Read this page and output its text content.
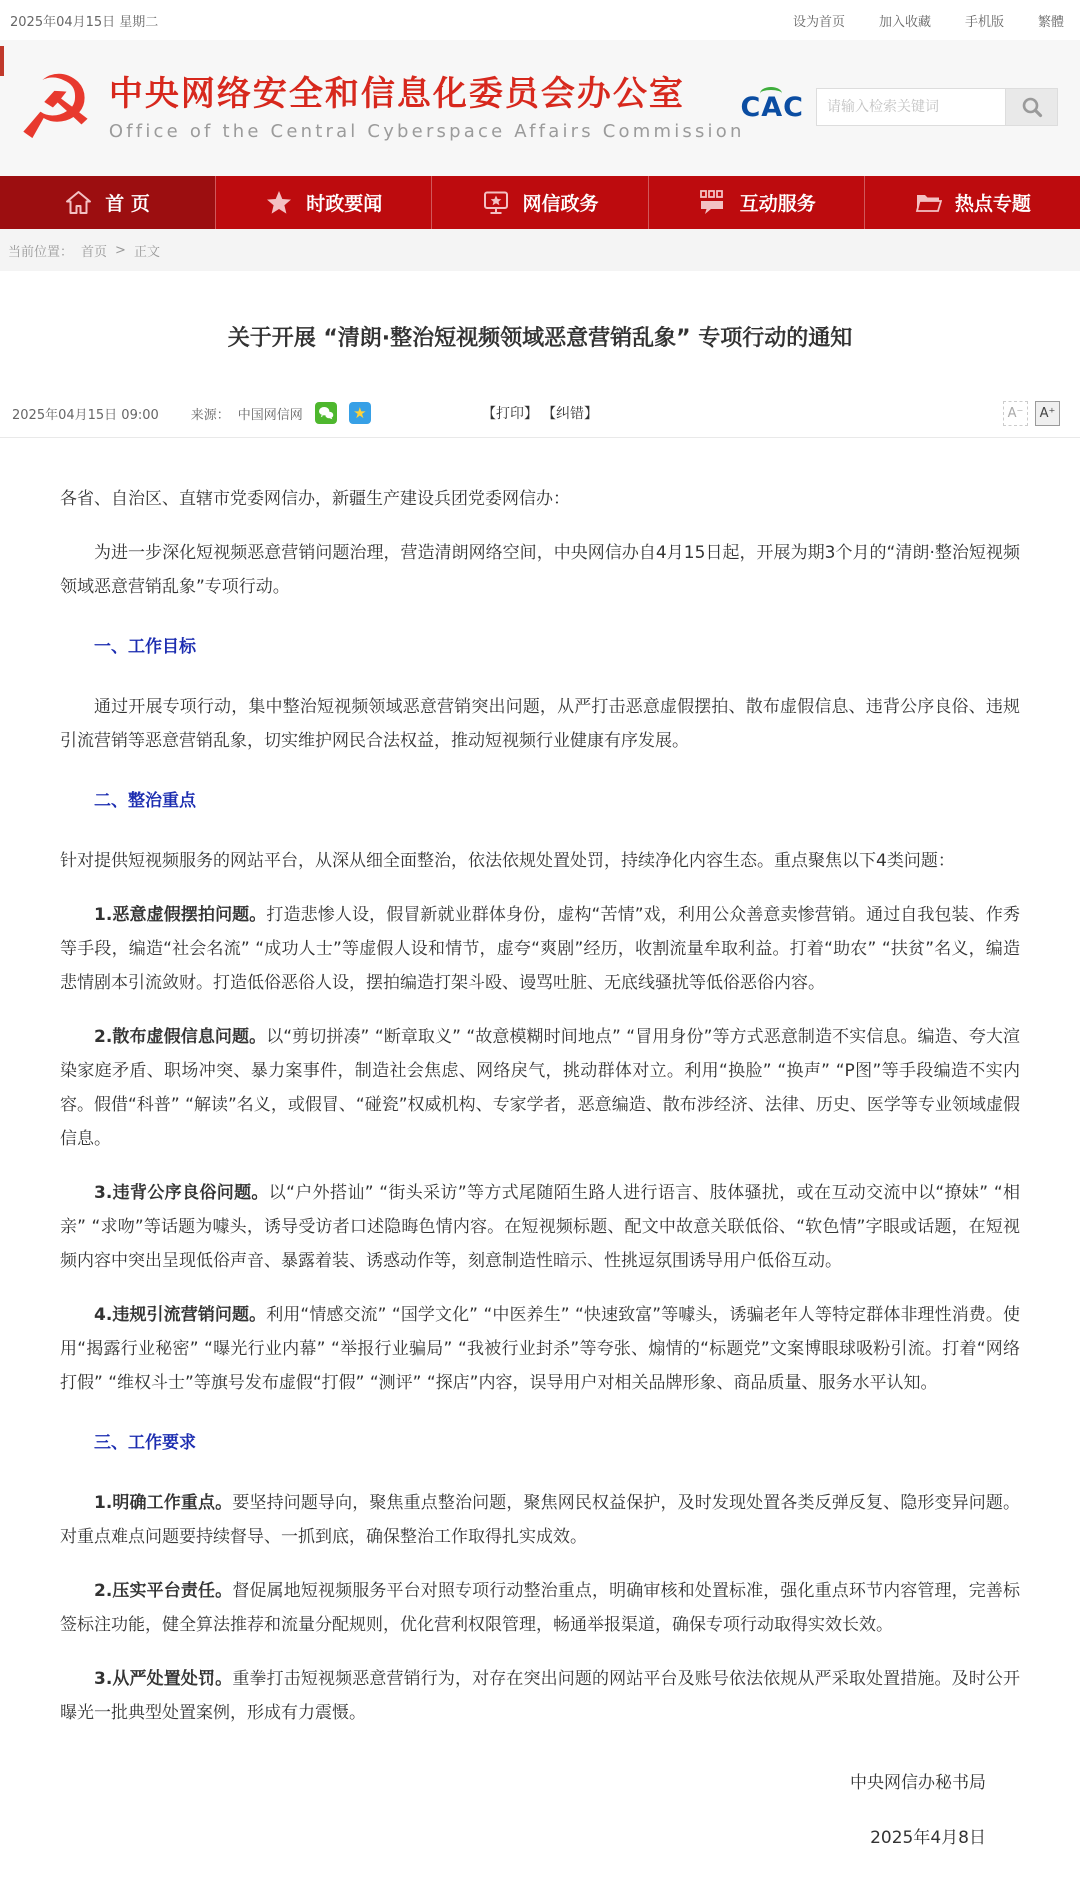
2025年04月15日 星期二	设为首页	加入收藏	手机版	繁體
☭ 中央网络安全和信息化委员会办公室
Office of the Central Cyberspace Affairs Commission
CAC
请输入检索关键词
首 页	时政要闻	网信政务	互动服务	热点专题
当前位置： 首页 > 正文
关于开展 “清朗·整治短视频领域恶意营销乱象” 专项行动的通知
2025年04月15日 09:00 来源： 中国网信网	★	【打印】 【纠错】	A⁻	A⁺

各省、自治区、直辖市党委网信办，新疆生产建设兵团党委网信办：

为进一步深化短视频恶意营销问题治理，营造清朗网络空间，中央网信办自4月15日起，开展为期3个月的“清朗·整治短视频领域恶意营销乱象”专项行动。

一、工作目标

通过开展专项行动，集中整治短视频领域恶意营销突出问题，从严打击恶意虚假摆拍、散布虚假信息、违背公序良俗、违规引流营销等恶意营销乱象，切实维护网民合法权益，推动短视频行业健康有序发展。

二、整治重点

针对提供短视频服务的网站平台，从深从细全面整治，依法依规处置处罚，持续净化内容生态。重点聚焦以下4类问题：

1.恶意虚假摆拍问题。打造悲惨人设，假冒新就业群体身份，虚构“苦情”戏，利用公众善意卖惨营销。通过自我包装、作秀等手段，编造“社会名流” “成功人士”等虚假人设和情节，虚夸“爽剧”经历，收割流量牟取利益。打着“助农” “扶贫”名义，编造悲情剧本引流敛财。打造低俗恶俗人设，摆拍编造打架斗殴、谩骂吐脏、无底线骚扰等低俗恶俗内容。

2.散布虚假信息问题。以“剪切拼凑” “断章取义” “故意模糊时间地点” “冒用身份”等方式恶意制造不实信息。编造、夸大渲染家庭矛盾、职场冲突、暴力案事件，制造社会焦虑、网络戾气，挑动群体对立。利用“换脸” “换声” “P图”等手段编造不实内容。假借“科普” “解读”名义，或假冒、“碰瓷”权威机构、专家学者，恶意编造、散布涉经济、法律、历史、医学等专业领域虚假信息。

3.违背公序良俗问题。以“户外搭讪” “街头采访”等方式尾随陌生路人进行语言、肢体骚扰，或在互动交流中以“撩妹” “相亲” “求吻”等话题为噱头，诱导受访者口述隐晦色情内容。在短视频标题、配文中故意关联低俗、“软色情”字眼或话题，在短视频内容中突出呈现低俗声音、暴露着装、诱惑动作等，刻意制造性暗示、性挑逗氛围诱导用户低俗互动。

4.违规引流营销问题。利用“情感交流” “国学文化” “中医养生” “快速致富”等噱头，诱骗老年人等特定群体非理性消费。使用“揭露行业秘密” “曝光行业内幕” “举报行业骗局” “我被行业封杀”等夸张、煽情的“标题党”文案博眼球吸粉引流。打着“网络打假” “维权斗士”等旗号发布虚假“打假” “测评” “探店”内容，误导用户对相关品牌形象、商品质量、服务水平认知。

三、工作要求

1.明确工作重点。要坚持问题导向，聚焦重点整治问题，聚焦网民权益保护，及时发现处置各类反弹反复、隐形变异问题。对重点难点问题要持续督导、一抓到底，确保整治工作取得扎实成效。

2.压实平台责任。督促属地短视频服务平台对照专项行动整治重点，明确审核和处置标准，强化重点环节内容管理，完善标签标注功能，健全算法推荐和流量分配规则，优化营利权限管理，畅通举报渠道，确保专项行动取得实效长效。

3.从严处置处罚。重拳打击短视频恶意营销行为，对存在突出问题的网站平台及账号依法依规从严采取处置措施。及时公开曝光一批典型处置案例，形成有力震慑。

中央网信办秘书局
2025年4月8日
